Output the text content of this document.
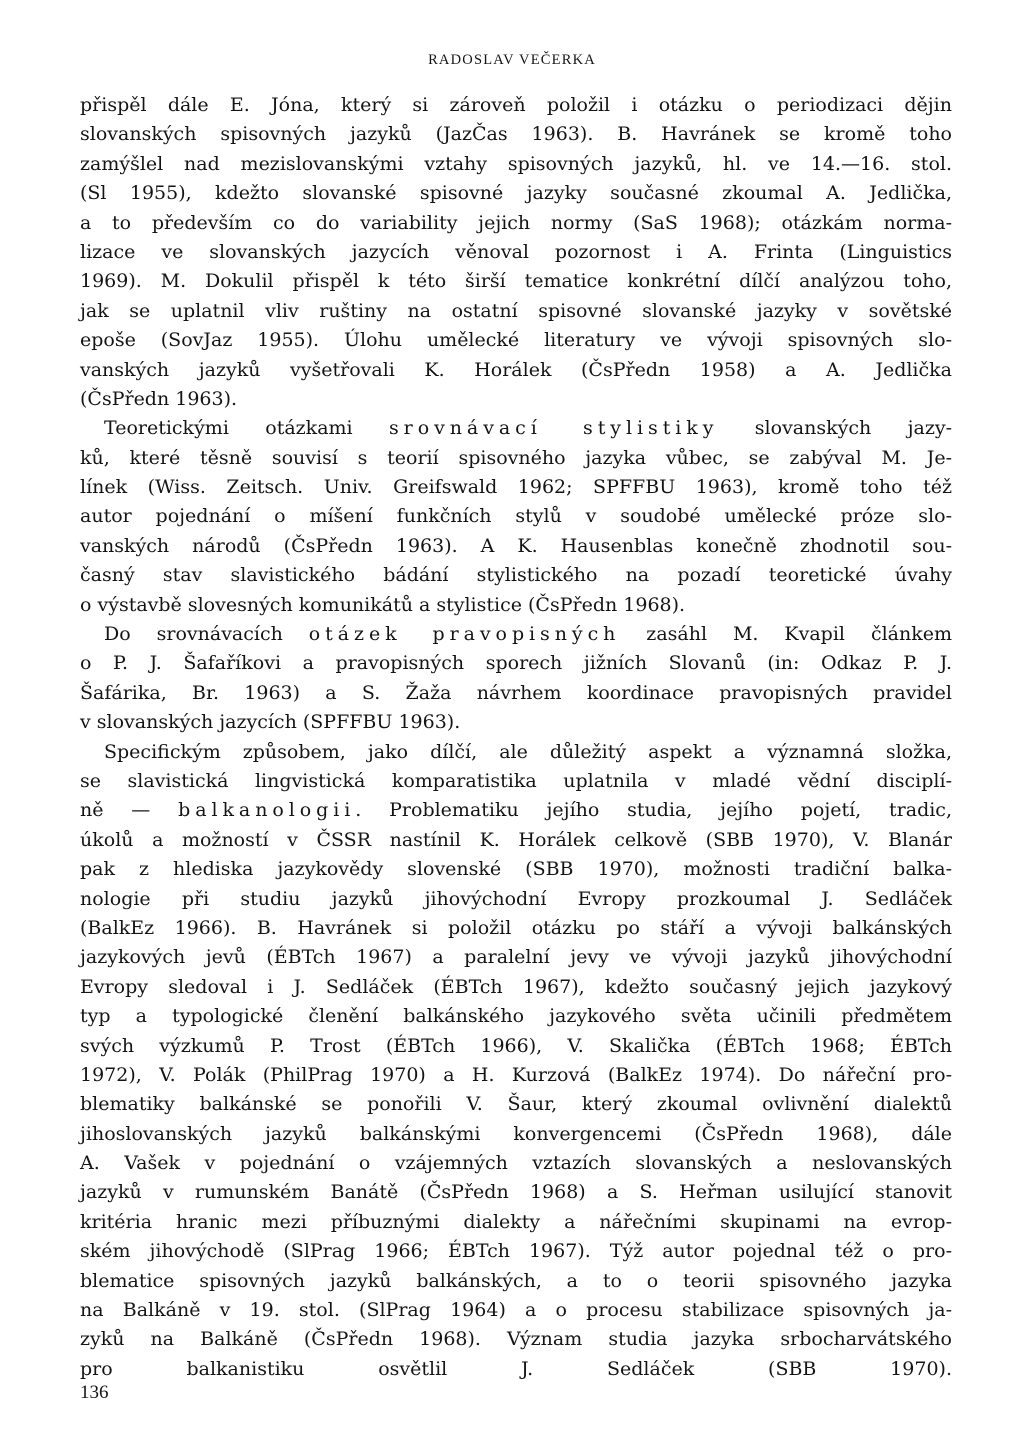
RADOSLAV VEČERKA
přispěl dále E. Jóna, který si zároveň položil i otázku o periodizaci dějin
slovanských spisovných jazyků (JazČas 1963). B. Havránek se kromě toho
zamýšlel nad mezislovanskými vztahy spisovných jazyků, hl. ve 14.—16. stol.
(Sl 1955), kdežto slovanské spisovné jazyky současné zkoumal A. Jedlička,
a to především co do variability jejich normy (SaS 1968); otázkám norma-
lizace ve slovanských jazycích věnoval pozornost i A. Frinta (Linguistics
1969). M. Dokulil přispěl k této širší tematice konkrétní dílčí analýzou toho,
jak se uplatnil vliv ruštiny na ostatní spisovné slovanské jazyky v sovětské
epoše (SovJaz 1955). Úlohu umělecké literatury ve vývoji spisovných slo-
vanských jazyků vyšetřovali K. Horálek (ČsPředn 1958) a A. Jedlička
(ČsPředn 1963).
Teoretickými otázkami srovnávací stylistiky slovanských jazy-
ků, které těsně souvisí s teorií spisovného jazyka vůbec, se zabýval M. Je-
línek (Wiss. Zeitsch. Univ. Greifswald 1962; SPFFBU 1963), kromě toho též
autor pojednání o míšení funkčních stylů v soudobé umělecké próze slo-
vanských národů (ČsPředn 1963). A K. Hausenblas konečně zhodnotil sou-
časný stav slavistického bádání stylistického na pozadí teoretické úvahy
o výstavbě slovesných komunikátů a stylistice (ČsPředn 1968).
Do srovnávacích otázek pravopisných zasáhl M. Kvapil článkem
o P. J. Šafaříkovi a pravopisných sporech jižních Slovanů (in: Odkaz P. J.
Šafárika, Br. 1963) a S. Žaža návrhem koordinace pravopisných pravidel
v slovanských jazycích (SPFFBU 1963).
Specifickým způsobem, jako dílčí, ale důležitý aspekt a významná složka,
se slavistická lingvistická komparatistika uplatnila v mladé vědní disciplí-
ně — balkanologii. Problematiku jejího studia, jejího pojetí, tradic,
úkolů a možností v ČSSR nastínil K. Horálek celkově (SBB 1970), V. Blanár
pak z hlediska jazykovědy slovenské (SBB 1970), možnosti tradiční balka-
nologie při studiu jazyků jihovýchodní Evropy prozkoumal J. Sedláček
(BalkEz 1966). B. Havránek si položil otázku po stáří a vývoji balkánských
jazykových jevů (ÉBTch 1967) a paralelní jevy ve vývoji jazyků jihovýchodní
Evropy sledoval i J. Sedláček (ÉBTch 1967), kdežto současný jejich jazykový
typ a typologické členění balkánského jazykového světa učinili předmětem
svých výzkumů P. Trost (ÉBTch 1966), V. Skalička (ÉBTch 1968; ÉBTch
1972), V. Polák (PhilPrag 1970) a H. Kurzová (BalkEz 1974). Do nářeční pro-
blematiky balkánské se ponořili V. Šaur, který zkoumal ovlivnění dialektů
jihoslovanských jazyků balkánskými konvergencemi (ČsPředn 1968), dále
A. Vašek v pojednání o vzájemných vztazích slovanských a neslovanských
jazyků v rumunském Banátě (ČsPředn 1968) a S. Heřman usilující stanovit
kritéria hranic mezi příbuznými dialekty a nářečními skupinami na evrop-
ském jihovýchodě (SlPrag 1966; ÉBTch 1967). Týž autor pojednal též o pro-
blematice spisovných jazyků balkánských, a to o teorii spisovného jazyka
na Balkáně v 19. stol. (SlPrag 1964) a o procesu stabilizace spisovných ja-
zyků na Balkáně (ČsPředn 1968). Význam studia jazyka srbocharvátského
pro balkanistiku osvětlil J. Sedláček (SBB 1970).
136
